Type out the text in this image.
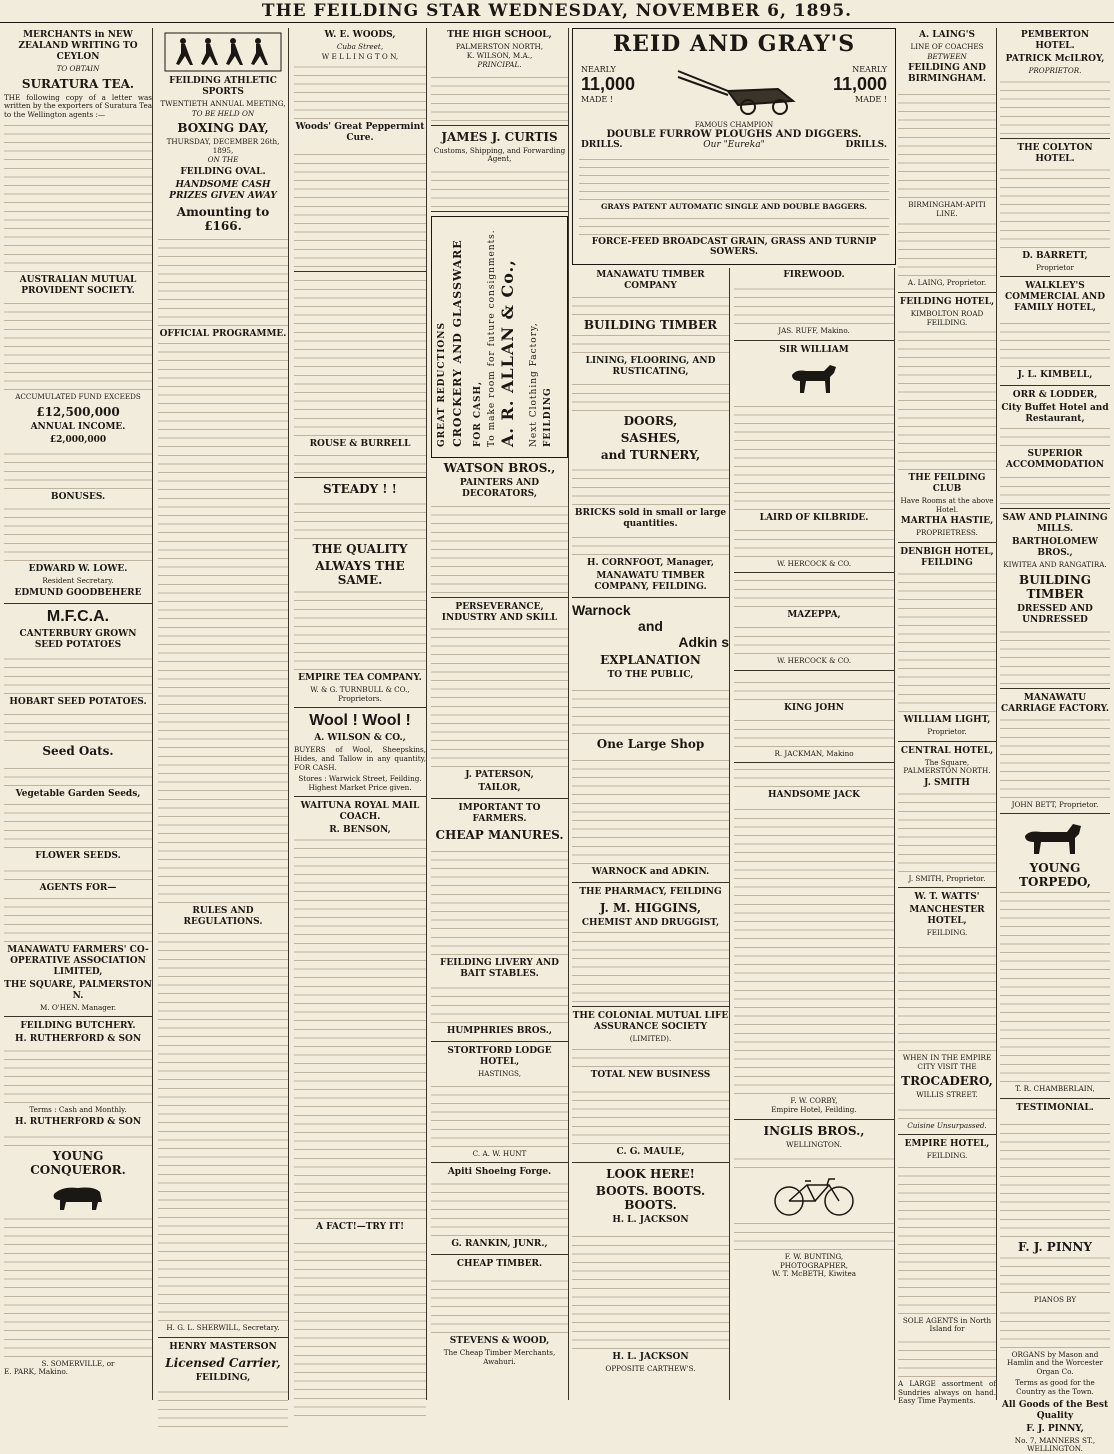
THE FEILDING STAR WEDNESDAY, NOVEMBER 6, 1895.
MERCHANTS in NEW ZEALAND WRITING TO CEYLON
TO OBTAIN
SURATURA TEA.

THE following copy of a letter was written by the exporters of Suratura Tea to the Wellington agents :—

AUSTRALIAN MUTUAL PROVIDENT SOCIETY.
ACCUMULATED FUND EXCEEDS
£12,500,000
ANNUAL INCOME.
£2,000,000
BONUSES.
EDWARD W. LOWE.
Resident Secretary.
EDMUND GOODBEHERE
M.F.C.A.
CANTERBURY GROWN SEED POTATOES
HOBART SEED POTATOES.
Seed Oats.
Vegetable Garden Seeds,
FLOWER SEEDS.
AGENTS FOR—
MANAWATU FARMERS' CO-OPERATIVE ASSOCIATION LIMITED,
THE SQUARE, PALMERSTON N.
M. O'HEN. Manager.
FEILDING BUTCHERY.
H. RUTHERFORD & SON
Terms : Cash and Monthly.
H. RUTHERFORD & SON
YOUNG CONQUEROR.
S. SOMERVILLE, or
E. PARK, Makino.
FEILDING ATHLETIC SPORTS
TWENTIETH ANNUAL MEETING,
TO BE HELD ON
BOXING DAY,
THURSDAY, DECEMBER 26th, 1895,
ON THE
FEILDING OVAL.
HANDSOME CASH PRIZES GIVEN AWAY
Amounting to £166.
OFFICIAL PROGRAMME.
RULES AND REGULATIONS.
H. G. L. SHERWILL, Secretary.
HENRY MASTERSON
Licensed Carrier,
FEILDING,
W. E. WOODS,
Cuba Street,
W E L L I N G T O N,
Woods' Great Peppermint Cure.
ROUSE & BURRELL
STEADY ! !
THE QUALITY
ALWAYS THE SAME.
EMPIRE TEA COMPANY.
W. & G. TURNBULL & CO.,
Proprietors.
Wool ! Wool !
A. WILSON & CO.,

BUYERS of Wool, Sheepskins, Hides, and Tallow in any quantity, FOR CASH.

Stores : Warwick Street, Feilding.
Highest Market Price given.
WAITUNA ROYAL MAIL COACH.
R. BENSON,
A FACT!—TRY IT!
THE HIGH SCHOOL,
PALMERSTON NORTH,
K. WILSON, M.A.,
PRINCIPAL.
JAMES J. CURTIS
Customs, Shipping, and Forwarding Agent,
GREAT REDUCTIONS CROCKERY AND GLASSWARE FOR CASH, To make room for future consignments. A. R. ALLAN & Co., Next Clothing Factory, FEILDING
WATSON BROS.,
PAINTERS AND DECORATORS,
PERSEVERANCE, INDUSTRY AND SKILL
J. PATERSON,
TAILOR,
IMPORTANT TO FARMERS.
CHEAP MANURES.
FEILDING LIVERY AND BAIT STABLES.
HUMPHRIES BROS.,
STORTFORD LODGE HOTEL,
HASTINGS,
C. A. W. HUNT
Apiti Shoeing Forge.
G. RANKIN, JUNR.,
CHEAP TIMBER.
STEVENS & WOOD,
The Cheap Timber Merchants,
Awahuri.
REID AND GRAY'S
NEARLY	NEARLY
11,000	11,000
MADE !	MADE !
FAMOUS CHAMPION
DOUBLE FURROW PLOUGHS AND DIGGERS.
DRILLS.	Our "Eureka"	DRILLS.
GRAYS PATENT AUTOMATIC SINGLE AND DOUBLE BAGGERS.
FORCE-FEED BROADCAST GRAIN, GRASS AND TURNIP SOWERS.
MANAWATU TIMBER COMPANY
BUILDING TIMBER
LINING, FLOORING, AND RUSTICATING,
DOORS,
SASHES,
and TURNERY,
BRICKS sold in small or large quantities.
H. CORNFOOT, Manager,
MANAWATU TIMBER COMPANY, FEILDING.
Warnock
and
Adkin s
EXPLANATION
TO THE PUBLIC,
One Large Shop
WARNOCK and ADKIN.
THE PHARMACY, FEILDING
J. M. HIGGINS,
CHEMIST AND DRUGGIST,
THE COLONIAL MUTUAL LIFE ASSURANCE SOCIETY
(LIMITED).
TOTAL NEW BUSINESS
C. G. MAULE,
LOOK HERE!
BOOTS. BOOTS. BOOTS.
H. L. JACKSON
H. L. JACKSON
OPPOSITE CARTHEW'S.
FIREWOOD.
JAS. RUFF, Makino.
SIR WILLIAM
LAIRD OF KILBRIDE.
W. HERCOCK & CO.
MAZEPPA,
W. HERCOCK & CO.
KING JOHN
R. JACKMAN, Makino
HANDSOME JACK
F. W. CORBY,
Empire Hotel, Feilding.
INGLIS BROS.,
WELLINGTON.
F. W. BUNTING,
PHOTOGRAPHER,
W. T. McBETH, Kiwitea
A. LAING'S
LINE OF COACHES
BETWEEN
FEILDING AND BIRMINGHAM.
BIRMINGHAM-APITI LINE.
A. LAING, Proprietor.
FEILDING HOTEL,
KIMBOLTON ROAD FEILDING.
THE FEILDING CLUB
Have Rooms at the above Hotel.
MARTHA HASTIE,
PROPRIETRESS.
DENBIGH HOTEL, FEILDING
WILLIAM LIGHT,
Proprietor.
CENTRAL HOTEL,
The Square,
PALMERSTON NORTH.
J. SMITH
J. SMITH, Proprietor.
W. T. WATTS'
MANCHESTER HOTEL,
FEILDING.
WHEN IN THE EMPIRE CITY VISIT THE
TROCADERO,
WILLIS STREET.
Cuisine Unsurpassed.
EMPIRE HOTEL,
FEILDING.
SOLE AGENTS in North Island for

A LARGE assortment of Sundries always on hand. Easy Time Payments.

PEMBERTON HOTEL.
PATRICK McILROY,
PROPRIETOR.
THE COLYTON HOTEL.
D. BARRETT,
Proprietor
WALKLEY'S COMMERCIAL AND FAMILY HOTEL,
J. L. KIMBELL,
ORR & LODDER,
City Buffet Hotel and Restaurant,
SUPERIOR ACCOMMODATION
SAW AND PLAINING MILLS.
BARTHOLOMEW BROS.,
KIWITEA AND RANGATIRA.
BUILDING TIMBER
DRESSED AND UNDRESSED
MANAWATU CARRIAGE FACTORY.
JOHN BETT, Proprietor.
YOUNG TORPEDO,
T. R. CHAMBERLAIN,
TESTIMONIAL.
F. J. PINNY
PIANOS BY

ORGANS by Mason and Hamlin and the Worcester Organ Co.

Terms as good for the Country as the Town.

All Goods of the Best Quality
F. J. PINNY,
No. 7, MANNERS ST., WELLINGTON.
